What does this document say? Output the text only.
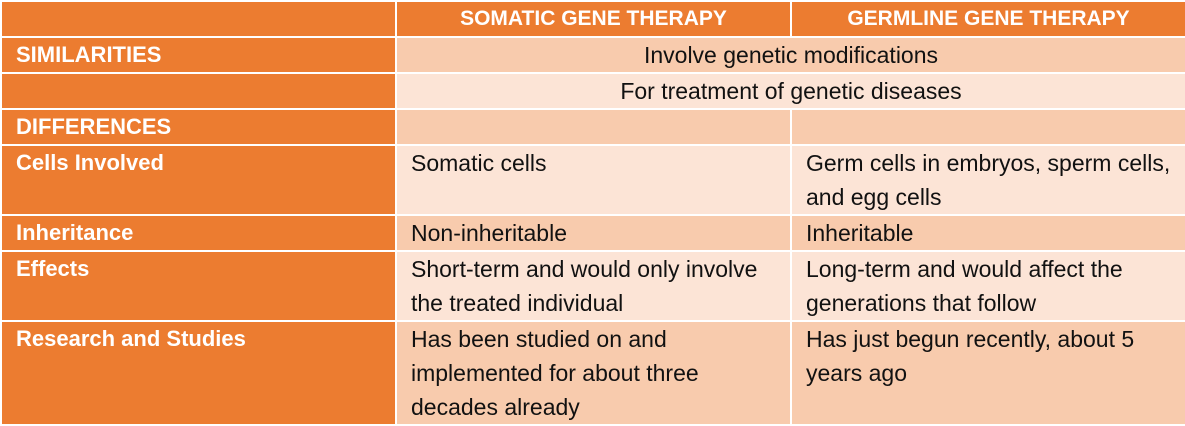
	SOMATIC GENE THERAPY	GERMLINE GENE THERAPY
SIMILARITIES	Involve genetic modifications	
	For treatment of genetic diseases	
DIFFERENCES		
Cells Involved	Somatic cells	Germ cells in embryos, sperm cells, and egg cells
Inheritance	Non-inheritable	Inheritable
Effects	Short-term and would only involve the treated individual	Long-term and would affect the generations that follow
Research and Studies	Has been studied on and implemented for about three decades already	Has just begun recently, about 5 years ago
